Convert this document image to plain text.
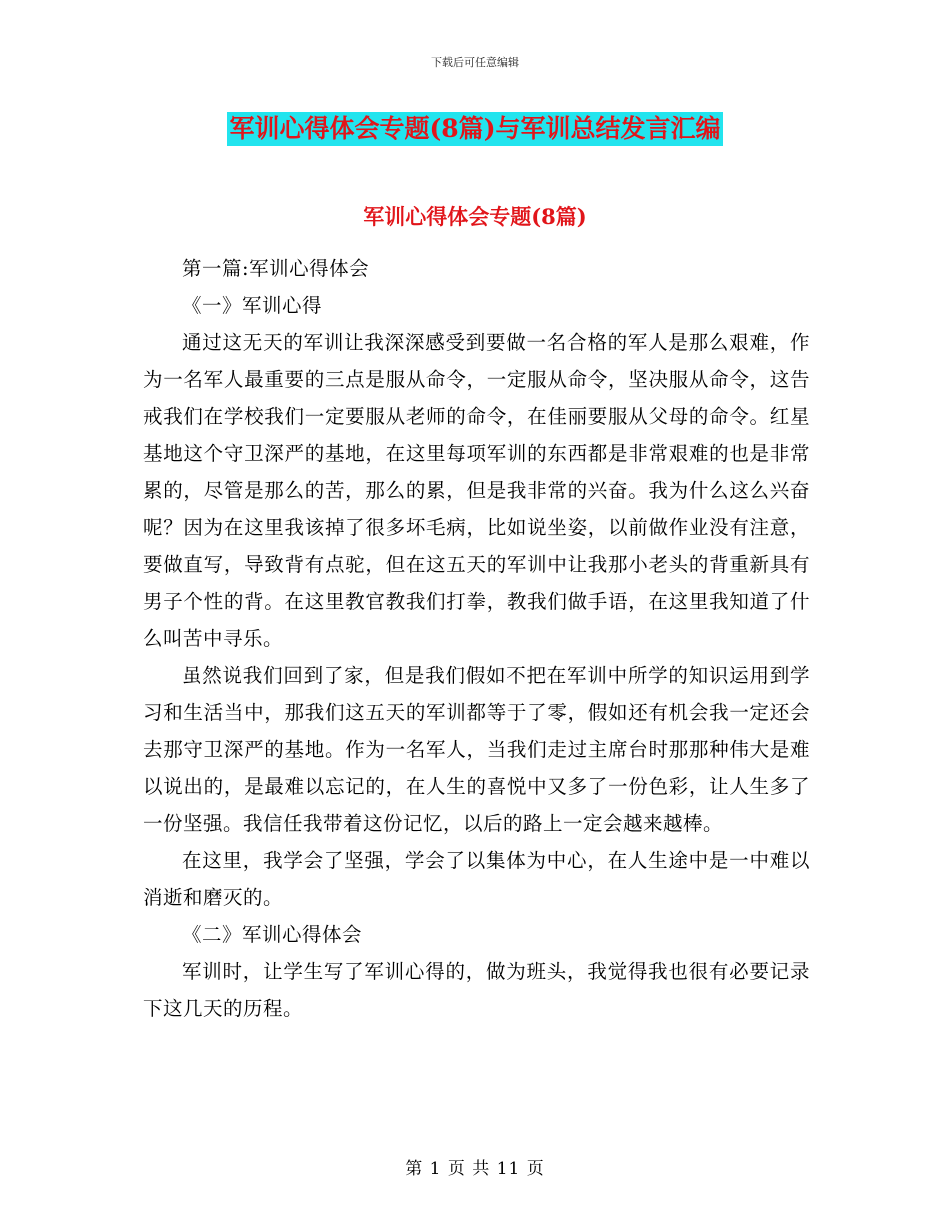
下载后可任意编辑
军训心得体会专题(8篇)与军训总结发言汇编
军训心得体会专题(8篇)

第一篇:军训心得体会

《一》军训心得

通过这无天的军训让我深深感受到要做一名合格的军人是那么艰难，作为一名军人最重要的三点是服从命令，一定服从命令，坚决服从命令，这告戒我们在学校我们一定要服从老师的命令，在佳丽要服从父母的命令。红星基地这个守卫深严的基地，在这里每项军训的东西都是非常艰难的也是非常累的，尽管是那么的苦，那么的累，但是我非常的兴奋。我为什么这么兴奋呢？因为在这里我该掉了很多坏毛病，比如说坐姿，以前做作业没有注意，要做直写，导致背有点驼，但在这五天的军训中让我那小老头的背重新具有男子个性的背。在这里教官教我们打拳，教我们做手语，在这里我知道了什么叫苦中寻乐。

虽然说我们回到了家，但是我们假如不把在军训中所学的知识运用到学习和生活当中，那我们这五天的军训都等于了零，假如还有机会我一定还会去那守卫深严的基地。作为一名军人，当我们走过主席台时那那种伟大是难以说出的，是最难以忘记的，在人生的喜悦中又多了一份色彩，让人生多了一份坚强。我信任我带着这份记忆，以后的路上一定会越来越棒。

在这里，我学会了坚强，学会了以集体为中心，在人生途中是一中难以消逝和磨灭的。

《二》军训心得体会

军训时，让学生写了军训心得的，做为班头，我觉得我也很有必要记录下这几天的历程。

第 1 页 共 11 页
